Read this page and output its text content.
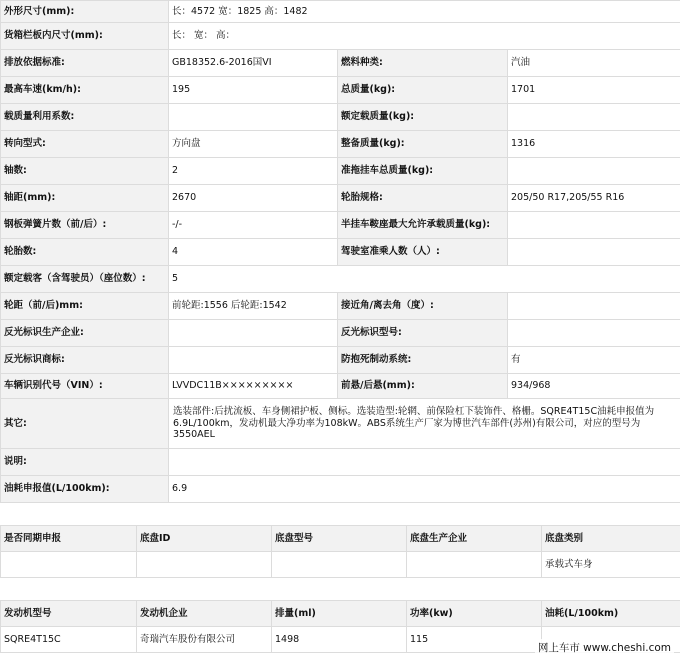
外形尺寸(mm):	长：4572 宽：1825 高：1482		
货箱栏板内尺寸(mm):	长： 宽： 高：		
排放依据标准:	GB18352.6-2016国VI	燃料种类:	汽油
最高车速(km/h):	195	总质量(kg):	1701
载质量利用系数:		额定载质量(kg):	
转向型式:	方向盘	整备质量(kg):	1316
轴数:	2	准拖挂车总质量(kg):	
轴距(mm):	2670	轮胎规格:	205/50 R17,205/55 R16
钢板弹簧片数（前/后）:	-/-	半挂车鞍座最大允许承载质量(kg):	
轮胎数:	4	驾驶室准乘人数（人）:	
额定载客（含驾驶员）（座位数）:	5		
轮距（前/后)mm:	前轮距:1556 后轮距:1542	接近角/离去角（度）:	
反光标识生产企业:		反光标识型号:	
反光标识商标:		防抱死制动系统:	有
车辆识别代号（VIN）:	LVVDC11B×××××××××	前悬/后悬(mm):	934/968
其它:	选装部件:后扰流板、车身侧裙护板、侧标。选装造型:轮辋、前保险杠下装饰件、格栅。SQRE4T15C油耗申报值为6.9L/100km，发动机最大净功率为108kW。ABS系统生产厂家为博世汽车部件(苏州)有限公司，对应的型号为3550AEL		
说明:			
油耗申报值(L/100km):	6.9		
是否同期申报	底盘ID	底盘型号	底盘生产企业	底盘类别
				承载式车身
发动机型号	发动机企业	排量(ml)	功率(kw)	油耗(L/100km)
SQRE4T15C	奇瑞汽车股份有限公司	1498	115	
网上车市 www.cheshi.com
